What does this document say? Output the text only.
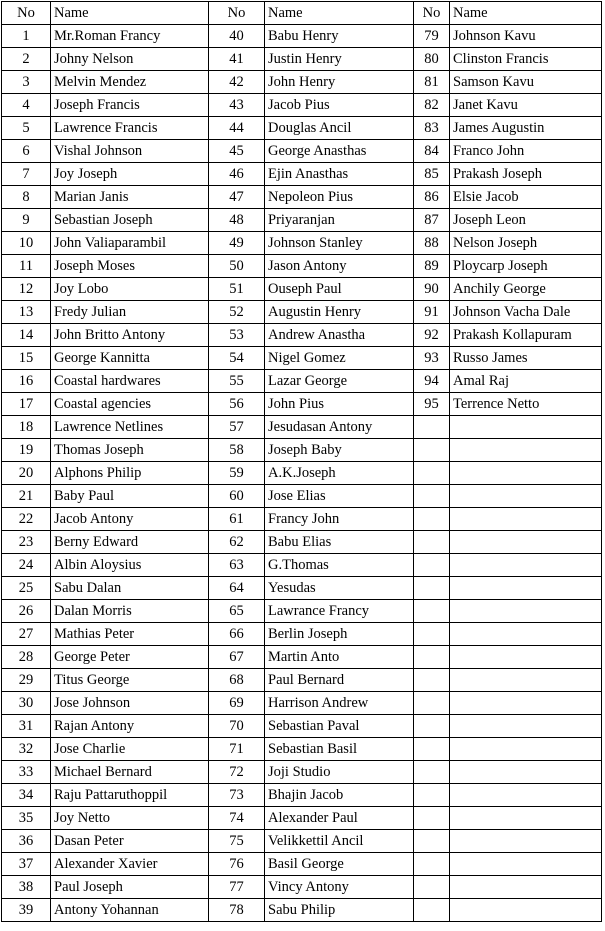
No	Name	No	Name	No	Name
1	Mr.Roman Francy	40	Babu Henry	79	Johnson Kavu
2	Johny Nelson	41	Justin Henry	80	Clinston Francis
3	Melvin Mendez	42	John Henry	81	Samson Kavu
4	Joseph Francis	43	Jacob Pius	82	Janet Kavu
5	Lawrence Francis	44	Douglas Ancil	83	James Augustin
6	Vishal Johnson	45	George Anasthas	84	Franco John
7	Joy Joseph	46	Ejin Anasthas	85	Prakash Joseph
8	Marian Janis	47	Nepoleon Pius	86	Elsie Jacob
9	Sebastian Joseph	48	Priyaranjan	87	Joseph Leon
10	John Valiaparambil	49	Johnson Stanley	88	Nelson Joseph
11	Joseph Moses	50	Jason Antony	89	Ploycarp Joseph
12	Joy Lobo	51	Ouseph Paul	90	Anchily George
13	Fredy Julian	52	Augustin Henry	91	Johnson Vacha Dale
14	John Britto Antony	53	Andrew Anastha	92	Prakash Kollapuram
15	George Kannitta	54	Nigel Gomez	93	Russo James
16	Coastal hardwares	55	Lazar George	94	Amal Raj
17	Coastal agencies	56	John Pius	95	Terrence Netto
18	Lawrence Netlines	57	Jesudasan Antony		
19	Thomas Joseph	58	Joseph Baby		
20	Alphons Philip	59	A.K.Joseph		
21	Baby Paul	60	Jose Elias		
22	Jacob Antony	61	Francy John		
23	Berny Edward	62	Babu Elias		
24	Albin Aloysius	63	G.Thomas		
25	Sabu Dalan	64	Yesudas		
26	Dalan Morris	65	Lawrance Francy		
27	Mathias Peter	66	Berlin Joseph		
28	George Peter	67	Martin Anto		
29	Titus George	68	Paul Bernard		
30	Jose Johnson	69	Harrison Andrew		
31	Rajan Antony	70	Sebastian Paval		
32	Jose Charlie	71	Sebastian Basil		
33	Michael Bernard	72	Joji Studio		
34	Raju Pattaruthoppil	73	Bhajin Jacob		
35	Joy Netto	74	Alexander Paul		
36	Dasan Peter	75	Velikkettil Ancil		
37	Alexander Xavier	76	Basil George		
38	Paul Joseph	77	Vincy Antony		
39	Antony Yohannan	78	Sabu Philip		
